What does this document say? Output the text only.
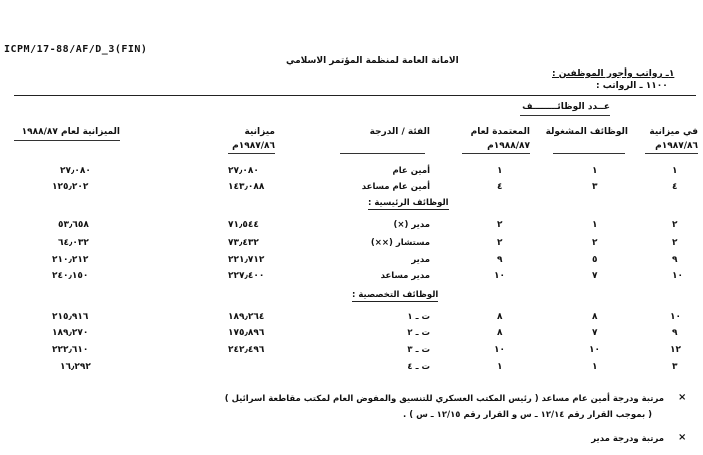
ICPM/17-88/AF/D_3(FIN)
الامانة العامة لمنظمة المؤتمر الاسلامي
١ـ رواتب وأجور الموظفين :
١١٠٠ ـ الرواتب :
عــدد الوظائــــــــف
في ميزانية
١٩٨٧/٨٦م
الوظائف المشغولة
المعتمدة لعام
١٩٨٨/٨٧م
الفئة / الدرجة
ميزانية
١٩٨٧/٨٦م
الميزانية لعام ١٩٨٨/٨٧
١
١
١
أمين عام
٢٧٫٠٨٠
٢٧٫٠٨٠
٤
٣
٤
أمين عام مساعد
١٤٣٫٠٨٨
١٢٥٫٢٠٢
الوظائف الرئيسية :
٢
١
٢
مدير (×)
٧١٫٥٤٤
٥٣٫٦٥٨
٢
٢
٢
مستشار (××)
٧٣٫٤٣٢
٦٤٫٠٣٢
٩
٥
٩
مدير
٢٢١٫٧١٢
٢١٠٫٢١٢
١٠
٧
١٠
مدير مساعد
٢٢٧٫٤٠٠
٢٤٠٫١٥٠
الوظائف التخصصية :
١٠
٨
٨
ت ـ ١
١٨٩٫٢٦٤
٢١٥٫٩١٦
٩
٧
٨
ت ـ ٢
١٧٥٫٨٩٦
١٨٩٫٢٧٠
١٢
١٠
١٠
ت ـ ٣
٢٤٢٫٤٩٦
٢٢٢٫٦١٠
٣
١
١
ت ـ ٤
١٦٫٢٩٢
×
مرتبة ودرجة أمين عام مساعد ( رئيس المكتب العسكري للتنسيق والمفوض العام لمكتب مقاطعة اسرائيل )
( بموجب القرار رقم ١٢/١٤ ـ س و القرار رقم ١٢/١٥ ـ س ) .
×
مرتبة ودرجة مدير
